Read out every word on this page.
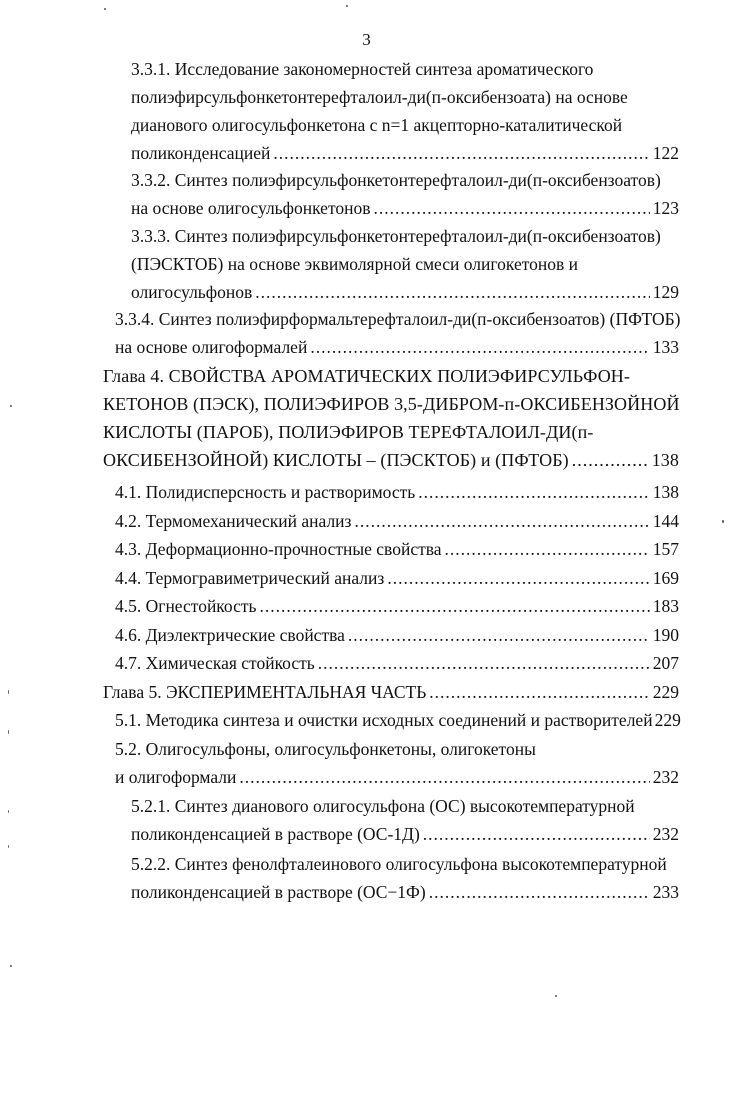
3
3.3.1. Исследование закономерностей синтеза ароматического
полиэфирсульфонкетонтерефталоил-ди(п-оксибензоата) на основе
дианового олигосульфонкетона с n=1 акцепторно-каталитической
поликонденсацией .....	122
3.3.2. Синтез полиэфирсульфонкетонтерефталоил-ди(п-оксибензоатов)
на основе олигосульфонкетонов .....	123
3.3.3. Синтез полиэфирсульфонкетонтерефталоил-ди(п-оксибензоатов)
(ПЭСКТОБ) на основе эквимолярной смеси олигокетонов и
олигосульфонов .....	129
3.3.4. Синтез полиэфирформальтерефталоил-ди(п-оксибензоатов) (ПФТОБ)
на основе олигоформалей .....	133
Глава 4. СВОЙСТВА АРОМАТИЧЕСКИХ ПОЛИЭФИРСУЛЬФОН-
КЕТОНОВ (ПЭСК), ПОЛИЭФИРОВ 3,5-ДИБРОМ-п-ОКСИБЕНЗОЙНОЙ
КИСЛОТЫ (ПАРОБ), ПОЛИЭФИРОВ ТЕРЕФТАЛОИЛ-ДИ(п-
ОКСИБЕНЗОЙНОЙ) КИСЛОТЫ – (ПЭСКТОБ) и (ПФТОБ) .....	138
4.1. Полидисперсность и растворимость .....	138
4.2. Термомеханический анализ .....	144
4.3. Деформационно-прочностные свойства .....	157
4.4. Термогравиметрический анализ .....	169
4.5. Огнестойкость .....	183
4.6. Диэлектрические свойства .....	190
4.7. Химическая стойкость .....	207
Глава 5. ЭКСПЕРИМЕНТАЛЬНАЯ ЧАСТЬ .....	229
5.1. Методика синтеза и очистки исходных соединений и растворителей 229
5.2. Олигосульфоны, олигосульфонкетоны, олигокетоны
и олигоформали .....	232
5.2.1. Синтез дианового олигосульфона (ОС) высокотемпературной
поликонденсацией в растворе (ОС-1Д) .....	232
5.2.2. Синтез фенолфталеинового олигосульфона высокотемпературной
поликонденсацией в растворе (ОС−1Ф) .....	233
